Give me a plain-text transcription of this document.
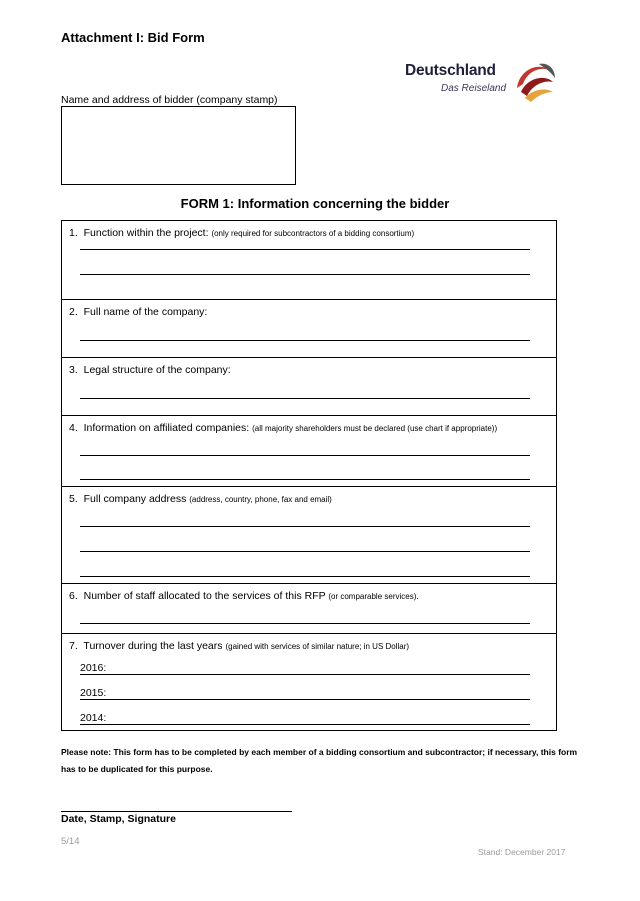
Attachment I: Bid Form
Deutschland
Das Reiseland
Name and address of bidder (company stamp)
FORM 1: Information concerning the bidder
1. Function within the project: (only required for subcontractors of a bidding consortium)
2. Full name of the company:
3. Legal structure of the company:
4. Information on affiliated companies: (all majority shareholders must be declared (use chart if appropriate))
5. Full company address (address, country, phone, fax and email)
6. Number of staff allocated to the services of this RFP (or comparable services).
7. Turnover during the last years (gained with services of similar nature; in US Dollar)
2016:
2015:
2014:
Please note: This form has to be completed by each member of a bidding consortium and subcontractor; if necessary, this form has to be duplicated for this purpose.
Date, Stamp, Signature
5/14
Stand: December 2017
